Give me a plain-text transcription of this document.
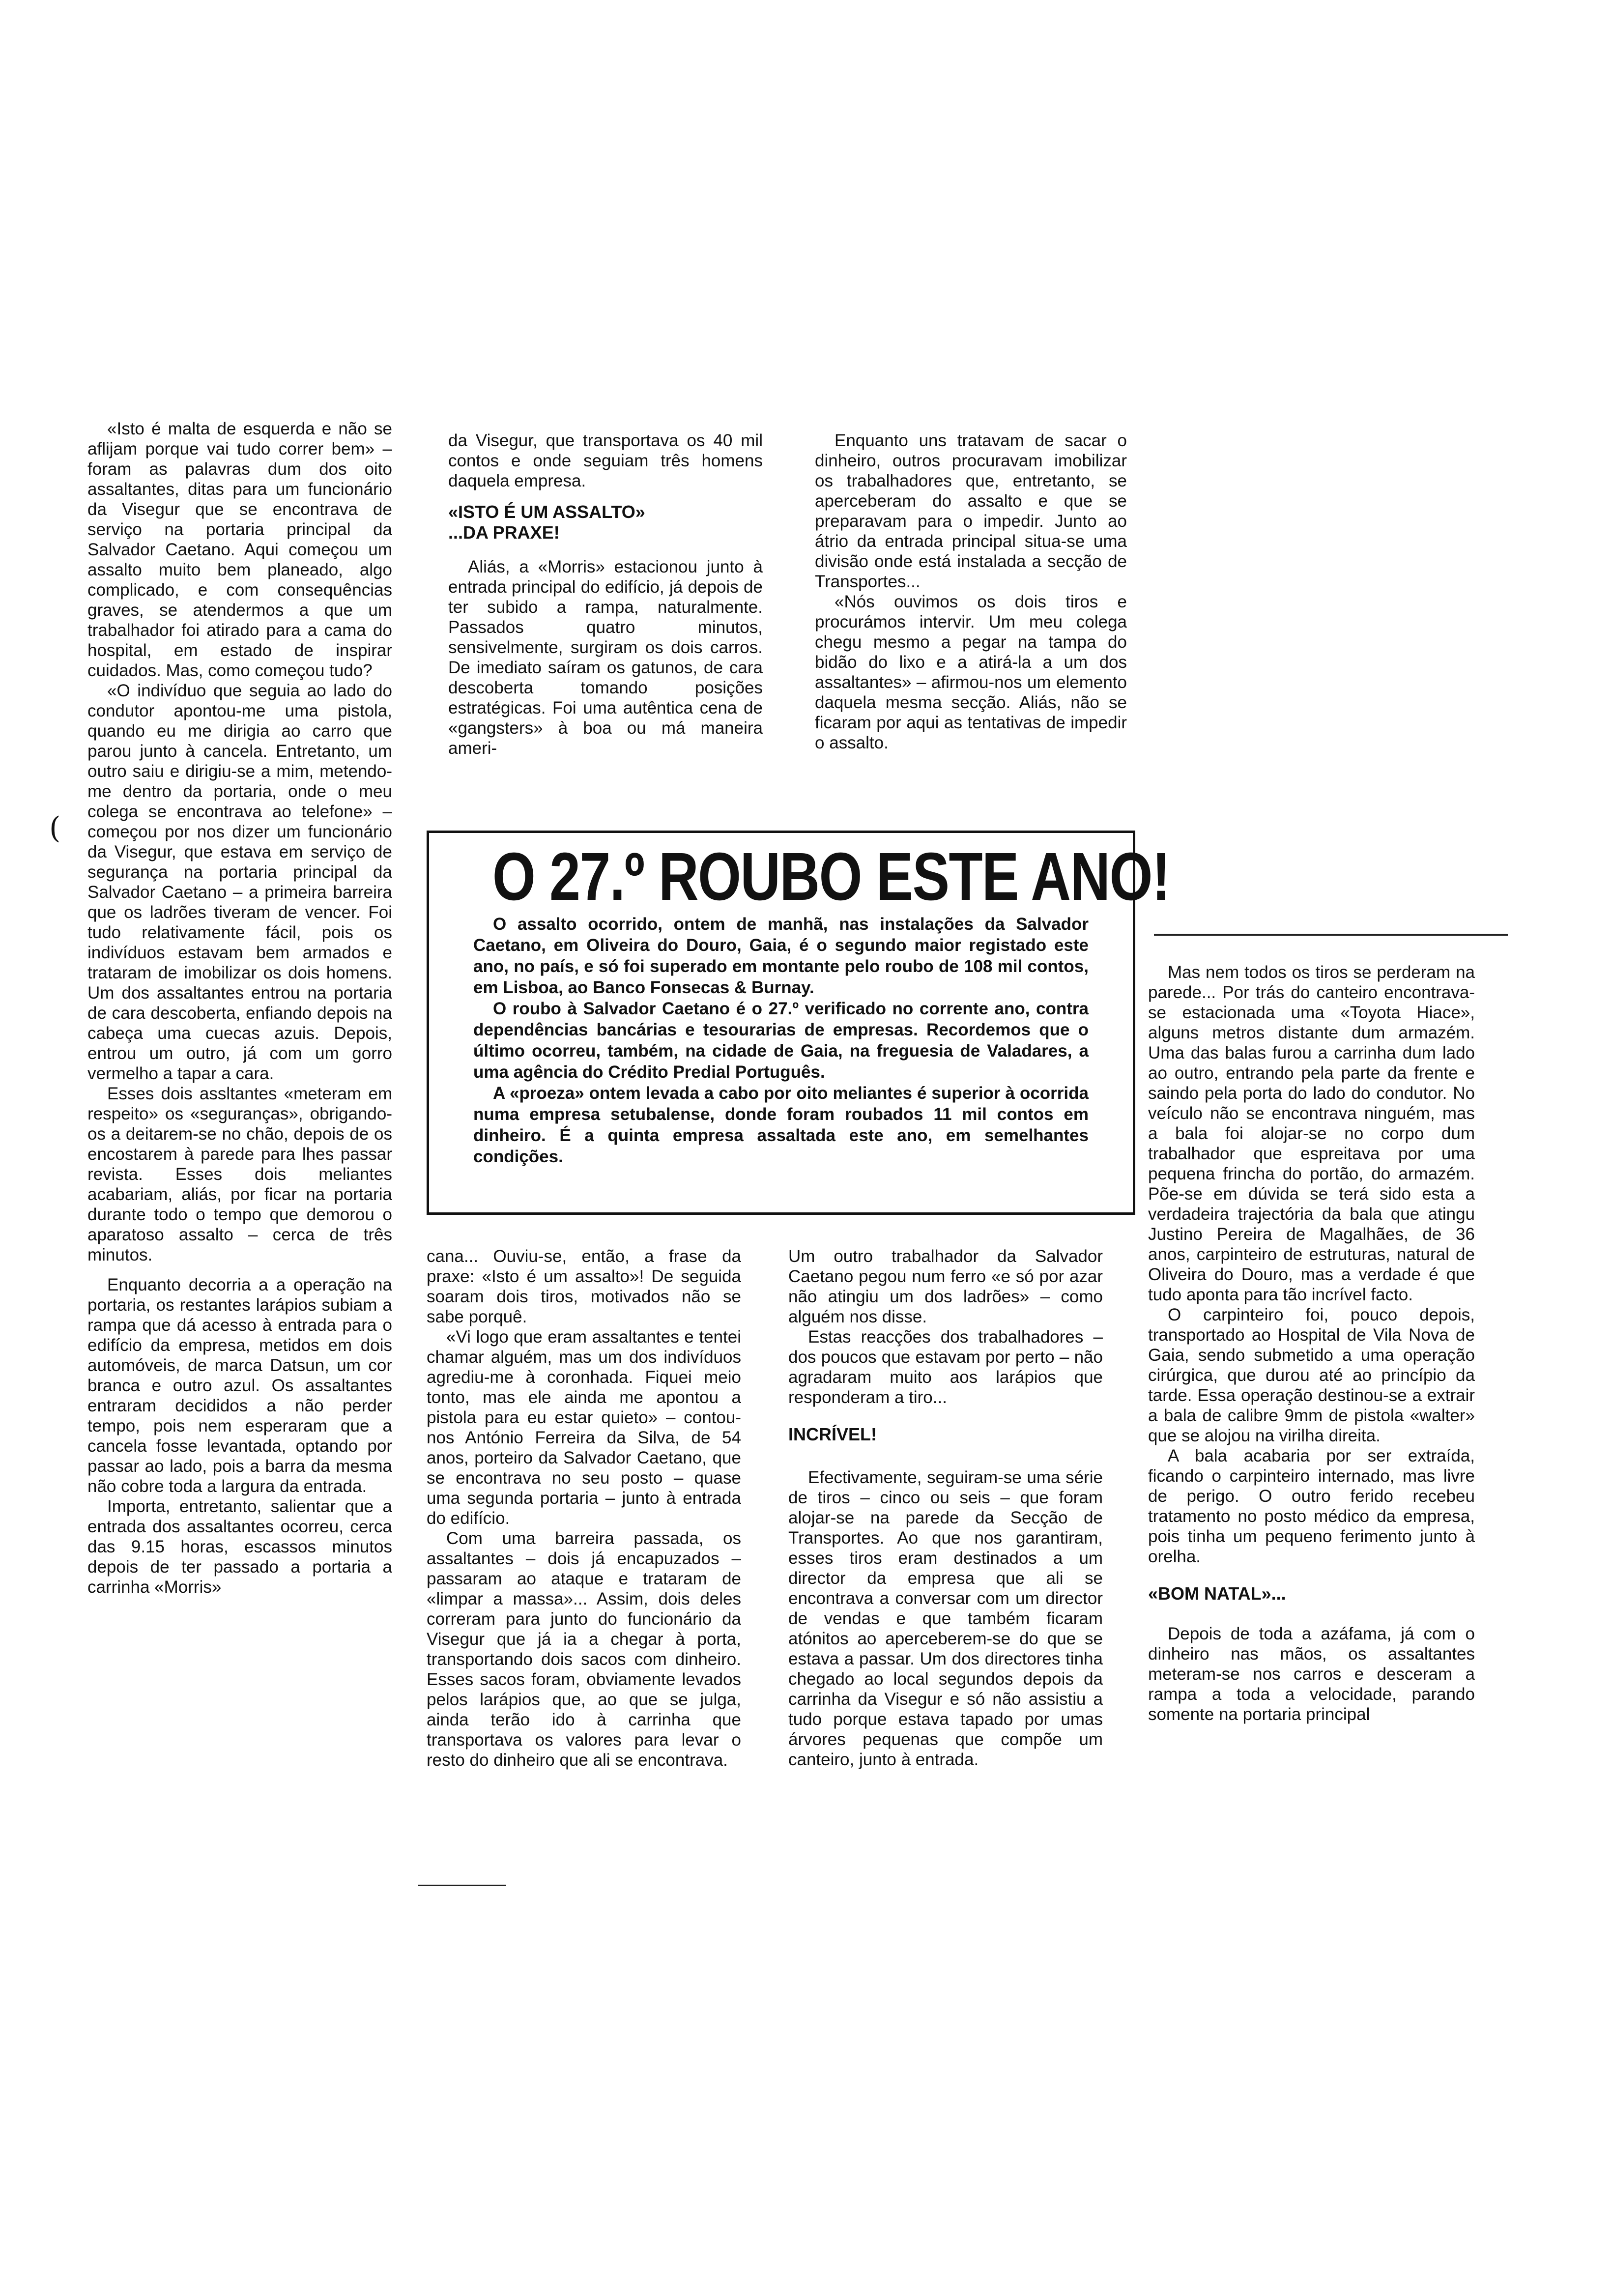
«Isto é malta de esquerda e não se aflijam porque vai tudo correr bem» – foram as palavras dum dos oito assaltantes, ditas para um funcionário da Visegur que se encontrava de serviço na portaria principal da Salvador Caetano. Aqui começou um assalto muito bem planeado, algo complicado, e com consequências graves, se atendermos a que um trabalhador foi atirado para a cama do hospital, em estado de inspirar cuidados. Mas, como começou tudo?

«O indivíduo que seguia ao lado do condutor apontou-me uma pistola, quando eu me dirigia ao carro que parou junto à cancela. Entretanto, um outro saiu e dirigiu-se a mim, metendo-me dentro da portaria, onde o meu colega se encontrava ao telefone» – começou por nos dizer um funcionário da Visegur, que estava em serviço de segurança na portaria principal da Salvador Caetano – a primeira barreira que os ladrões tiveram de vencer. Foi tudo relativamente fácil, pois os indivíduos estavam bem armados e trataram de imobilizar os dois homens. Um dos assaltantes entrou na portaria de cara descoberta, enfiando depois na cabeça uma cuecas azuis. Depois, entrou um outro, já com um gorro vermelho a tapar a cara.

Esses dois assltantes «meteram em respeito» os «seguranças», obrigando-os a deitarem-se no chão, depois de os encostarem à parede para lhes passar revista. Esses dois meliantes acabariam, aliás, por ficar na portaria durante todo o tempo que demorou o aparatoso assalto – cerca de três minutos.

Enquanto decorria a a operação na portaria, os restantes larápios subiam a rampa que dá acesso à entrada para o edifício da empresa, metidos em dois automóveis, de marca Datsun, um cor branca e outro azul. Os assaltantes entraram decididos a não perder tempo, pois nem esperaram que a cancela fosse levantada, optando por passar ao lado, pois a barra da mesma não cobre toda a largura da entrada.

Importa, entretanto, salientar que a entrada dos assaltantes ocorreu, cerca das 9.15 horas, escassos minutos depois de ter passado a portaria a carrinha «Morris»

da Visegur, que transportava os 40 mil contos e onde seguiam três homens daquela empresa.

«ISTO É UM ASSALTO»
...DA PRAXE!

Aliás, a «Morris» estacionou junto à entrada principal do edifício, já depois de ter subido a rampa, naturalmente. Passados quatro minutos, sensivelmente, surgiram os dois carros. De imediato saíram os gatunos, de cara descoberta tomando posições estratégicas. Foi uma autêntica cena de «gangsters» à boa ou má maneira ameri-

Enquanto uns tratavam de sacar o dinheiro, outros procuravam imobilizar os trabalhadores que, entretanto, se aperceberam do assalto e que se preparavam para o impedir. Junto ao átrio da entrada principal situa-se uma divisão onde está instalada a secção de Transportes...

«Nós ouvimos os dois tiros e procurámos intervir. Um meu colega chegu mesmo a pegar na tampa do bidão do lixo e a atirá-la a um dos assaltantes» – afirmou-nos um elemento daquela mesma secção. Aliás, não se ficaram por aqui as tentativas de impedir o assalto.

O 27.º ROUBO ESTE ANO!

O assalto ocorrido, ontem de manhã, nas instalações da Salvador Caetano, em Oliveira do Douro, Gaia, é o segundo maior registado este ano, no país, e só foi superado em montante pelo roubo de 108 mil contos, em Lisboa, ao Banco Fonsecas & Burnay.

O roubo à Salvador Caetano é o 27.º verificado no corrente ano, contra dependências bancárias e tesourarias de empresas. Recordemos que o último ocorreu, também, na cidade de Gaia, na freguesia de Valadares, a uma agência do Crédito Predial Português.

A «proeza» ontem levada a cabo por oito meliantes é superior à ocorrida numa empresa setubalense, donde foram roubados 11 mil contos em dinheiro. É a quinta empresa assaltada este ano, em semelhantes condições.

cana... Ouviu-se, então, a frase da praxe: «Isto é um assalto»! De seguida soaram dois tiros, motivados não se sabe porquê.

«Vi logo que eram assaltantes e tentei chamar alguém, mas um dos indivíduos agrediu-me à coronhada. Fiquei meio tonto, mas ele ainda me apontou a pistola para eu estar quieto» – contou-nos António Ferreira da Silva, de 54 anos, porteiro da Salvador Caetano, que se encontrava no seu posto – quase uma segunda portaria – junto à entrada do edifício.

Com uma barreira passada, os assaltantes – dois já encapuzados – passaram ao ataque e trataram de «limpar a massa»... Assim, dois deles correram para junto do funcionário da Visegur que já ia a chegar à porta, transportando dois sacos com dinheiro. Esses sacos foram, obviamente levados pelos larápios que, ao que se julga, ainda terão ido à carrinha que transportava os valores para levar o resto do dinheiro que ali se encontrava.

Um outro trabalhador da Salvador Caetano pegou num ferro «e só por azar não atingiu um dos ladrões» – como alguém nos disse.

Estas reacções dos trabalhadores – dos poucos que estavam por perto – não agradaram muito aos larápios que responderam a tiro...

INCRÍVEL!

Efectivamente, seguiram-se uma série de tiros – cinco ou seis – que foram alojar-se na parede da Secção de Transportes. Ao que nos garantiram, esses tiros eram destinados a um director da empresa que ali se encontrava a conversar com um director de vendas e que também ficaram atónitos ao aperceberem-se do que se estava a passar. Um dos directores tinha chegado ao local segundos depois da carrinha da Visegur e só não assistiu a tudo porque estava tapado por umas árvores pequenas que compõe um canteiro, junto à entrada.

Mas nem todos os tiros se perderam na parede... Por trás do canteiro encontrava-se estacionada uma «Toyota Hiace», alguns metros distante dum armazém. Uma das balas furou a carrinha dum lado ao outro, entrando pela parte da frente e saindo pela porta do lado do condutor. No veículo não se encontrava ninguém, mas a bala foi alojar-se no corpo dum trabalhador que espreitava por uma pequena frincha do portão, do armazém. Põe-se em dúvida se terá sido esta a verdadeira trajectória da bala que atingu Justino Pereira de Magalhães, de 36 anos, carpinteiro de estruturas, natural de Oliveira do Douro, mas a verdade é que tudo aponta para tão incrível facto.

O carpinteiro foi, pouco depois, transportado ao Hospital de Vila Nova de Gaia, sendo submetido a uma operação cirúrgica, que durou até ao princípio da tarde. Essa operação destinou-se a extrair a bala de calibre 9mm de pistola «walter» que se alojou na virilha direita.

A bala acabaria por ser extraída, ficando o carpinteiro internado, mas livre de perigo. O outro ferido recebeu tratamento no posto médico da empresa, pois tinha um pequeno ferimento junto à orelha.

«BOM NATAL»...

Depois de toda a azáfama, já com o dinheiro nas mãos, os assaltantes meteram-se nos carros e desceram a rampa a toda a velocidade, parando somente na portaria principal

(
